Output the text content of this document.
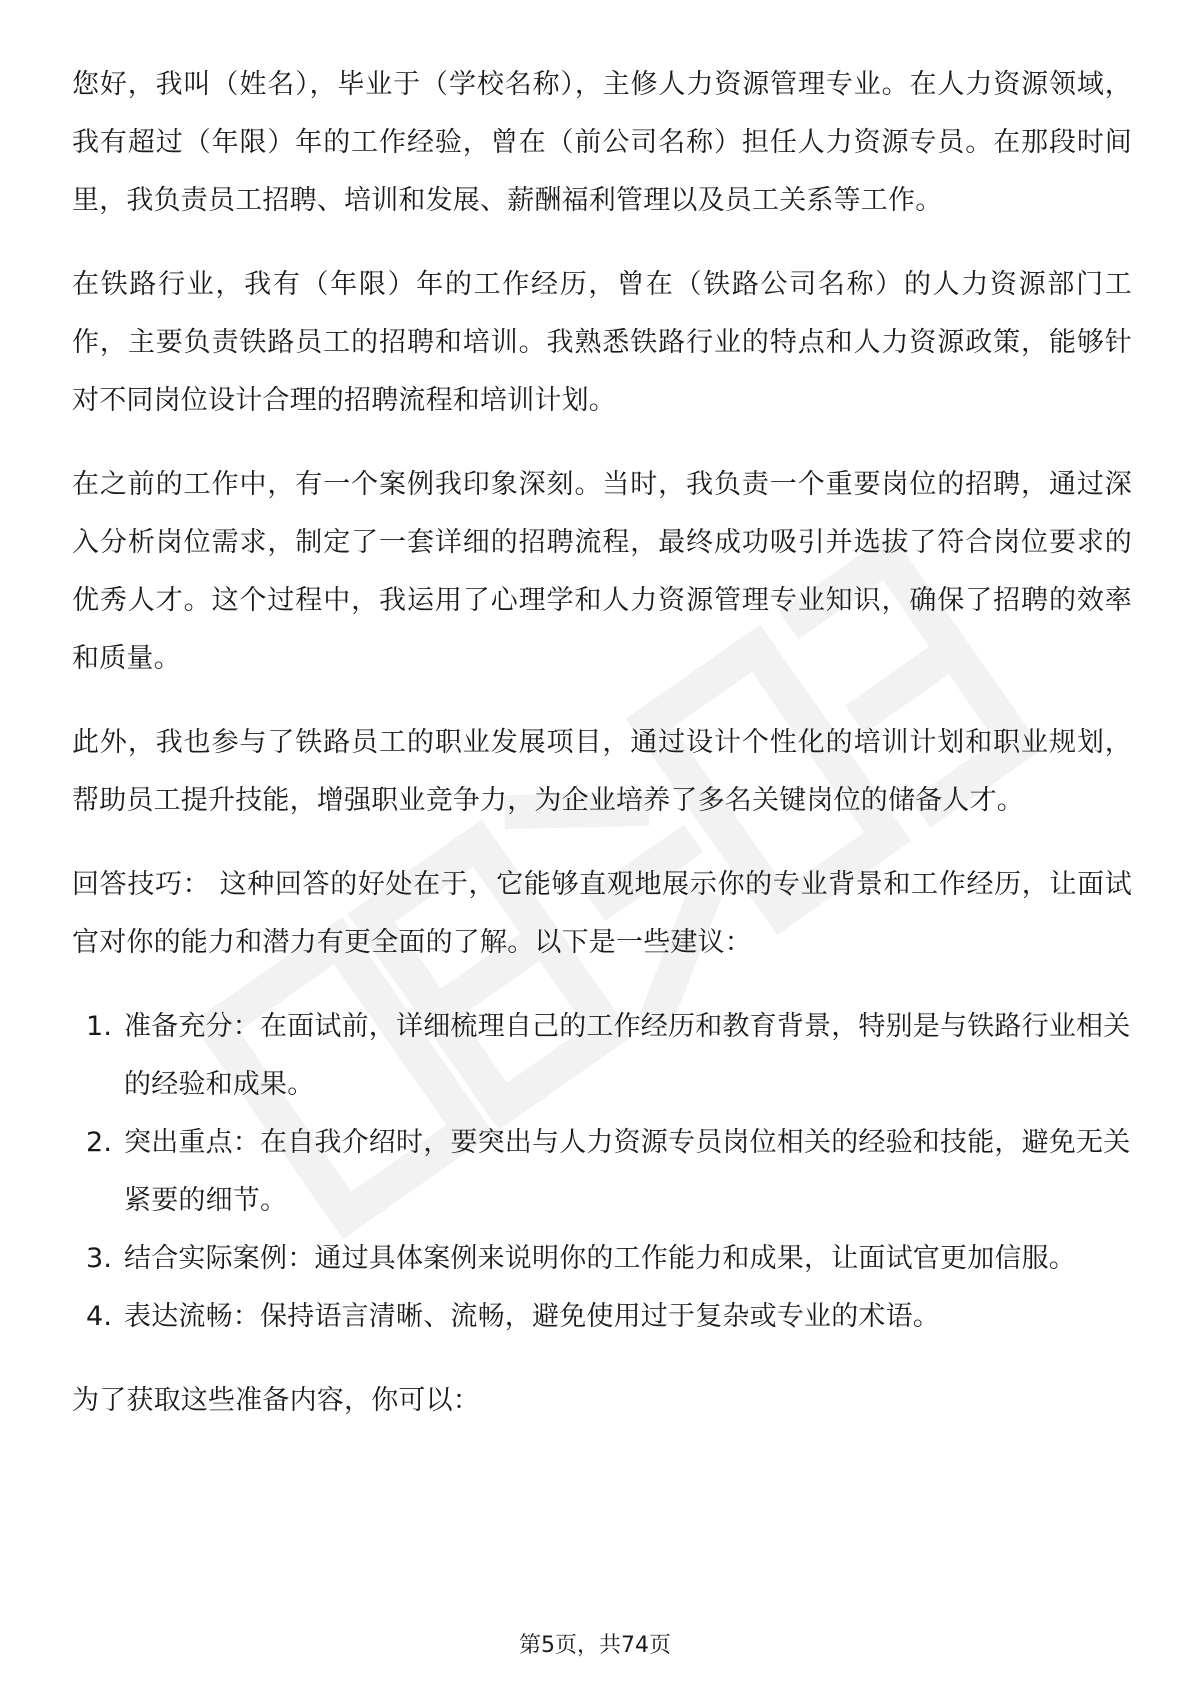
您好，我叫（姓名），毕业于（学校名称），主修人力资源管理专业。在人力资源领域，我有超过（年限）年的工作经验，曾在（前公司名称）担任人力资源专员。在那段时间里，我负责员工招聘、培训和发展、薪酬福利管理以及员工关系等工作。

在铁路行业，我有（年限）年的工作经历，曾在（铁路公司名称）的人力资源部门工作，主要负责铁路员工的招聘和培训。我熟悉铁路行业的特点和人力资源政策，能够针对不同岗位设计合理的招聘流程和培训计划。

在之前的工作中，有一个案例我印象深刻。当时，我负责一个重要岗位的招聘，通过深入分析岗位需求，制定了一套详细的招聘流程，最终成功吸引并选拔了符合岗位要求的优秀人才。这个过程中，我运用了心理学和人力资源管理专业知识，确保了招聘的效率和质量。

此外，我也参与了铁路员工的职业发展项目，通过设计个性化的培训计划和职业规划，帮助员工提升技能，增强职业竞争力，为企业培养了多名关键岗位的储备人才。

回答技巧： 这种回答的好处在于，它能够直观地展示你的专业背景和工作经历，让面试官对你的能力和潜力有更全面的了解。以下是一些建议：

1. 准备充分：在面试前，详细梳理自己的工作经历和教育背景，特别是与铁路行业相关的经验和成果。
2. 突出重点：在自我介绍时，要突出与人力资源专员岗位相关的经验和技能，避免无关紧要的细节。
3. 结合实际案例：通过具体案例来说明你的工作能力和成果，让面试官更加信服。
4. 表达流畅：保持语言清晰、流畅，避免使用过于复杂或专业的术语。

为了获取这些准备内容，你可以：

第5页，共74页
